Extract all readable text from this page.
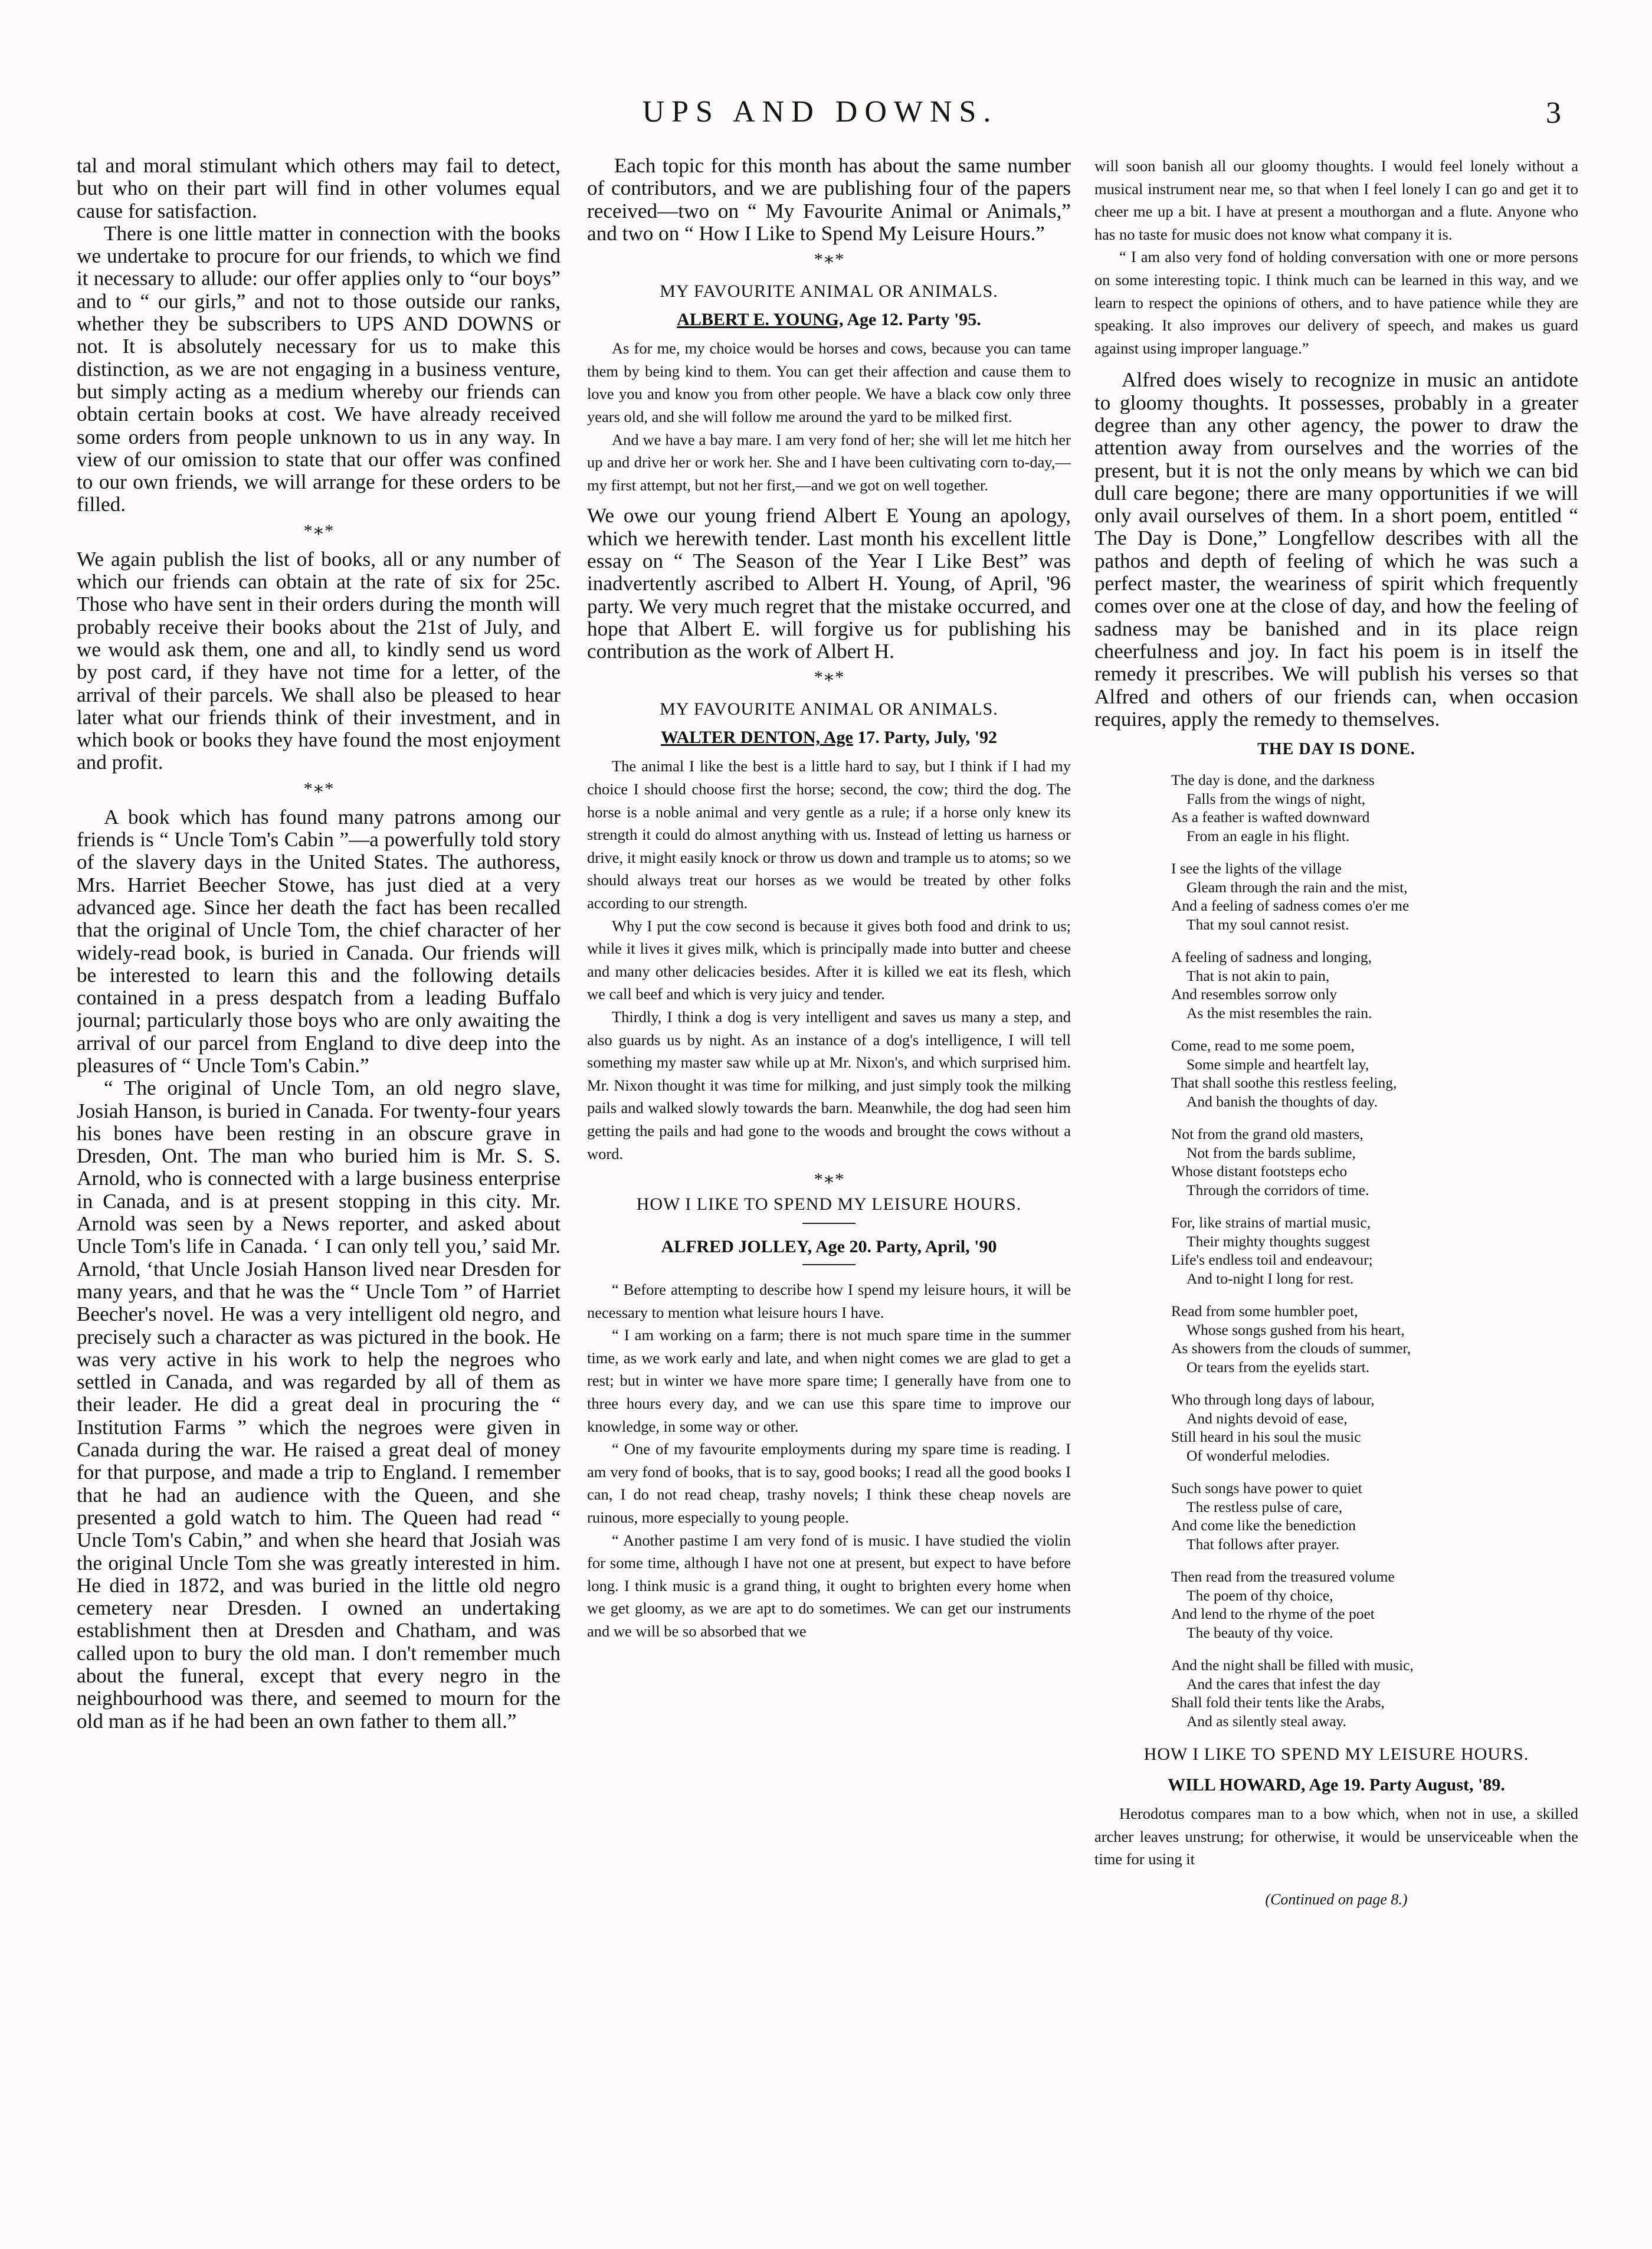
UPS AND DOWNS.	3

tal and moral stimulant which others may fail to detect, but who on their part will find in other volumes equal cause for satisfaction.

There is one little matter in connection with the books we undertake to procure for our friends, to which we find it necessary to allude: our offer applies only to “our boys” and to “ our girls,” and not to those outside our ranks, whether they be subscribers to UPS AND DOWNS or not. It is absolutely necessary for us to make this distinction, as we are not engaging in a business venture, but simply acting as a medium whereby our friends can obtain certain books at cost. We have already received some orders from people unknown to us in any way. In view of our omission to state that our offer was confined to our own friends, we will arrange for these orders to be filled.

*∗*

We again publish the list of books, all or any number of which our friends can obtain at the rate of six for 25c. Those who have sent in their orders during the month will probably receive their books about the 21st of July, and we would ask them, one and all, to kindly send us word by post card, if they have not time for a letter, of the arrival of their parcels. We shall also be pleased to hear later what our friends think of their investment, and in which book or books they have found the most enjoyment and profit.

*∗*

A book which has found many patrons among our friends is “ Uncle Tom's Cabin ”—a powerfully told story of the slavery days in the United States. The authoress, Mrs. Harriet Beecher Stowe, has just died at a very advanced age. Since her death the fact has been recalled that the original of Uncle Tom, the chief character of her widely-read book, is buried in Canada. Our friends will be interested to learn this and the following details contained in a press despatch from a leading Buffalo journal; particularly those boys who are only awaiting the arrival of our parcel from England to dive deep into the pleasures of “ Uncle Tom's Cabin.”

“ The original of Uncle Tom, an old negro slave, Josiah Hanson, is buried in Canada. For twenty-four years his bones have been resting in an obscure grave in Dresden, Ont. The man who buried him is Mr. S. S. Arnold, who is connected with a large business enterprise in Canada, and is at present stopping in this city. Mr. Arnold was seen by a News reporter, and asked about Uncle Tom's life in Canada. ‘ I can only tell you,’ said Mr. Arnold, ‘that Uncle Josiah Hanson lived near Dresden for many years, and that he was the “ Uncle Tom ” of Harriet Beecher's novel. He was a very intelligent old negro, and precisely such a character as was pictured in the book. He was very active in his work to help the negroes who settled in Canada, and was regarded by all of them as their leader. He did a great deal in procuring the “ Institution Farms ” which the negroes were given in Canada during the war. He raised a great deal of money for that purpose, and made a trip to England. I remember that he had an audience with the Queen, and she presented a gold watch to him. The Queen had read “ Uncle Tom's Cabin,” and when she heard that Josiah was the original Uncle Tom she was greatly interested in him. He died in 1872, and was buried in the little old negro cemetery near Dresden. I owned an undertaking establishment then at Dresden and Chatham, and was called upon to bury the old man. I don't remember much about the funeral, except that every negro in the neighbourhood was there, and seemed to mourn for the old man as if he had been an own father to them all.”

Each topic for this month has about the same number of contributors, and we are publishing four of the papers received—two on “ My Favourite Animal or Animals,” and two on “ How I Like to Spend My Leisure Hours.”

*∗*
MY FAVOURITE ANIMAL OR ANIMALS.
ALBERT E. YOUNG, Age 12. Party '95.

As for me, my choice would be horses and cows, because you can tame them by being kind to them. You can get their affection and cause them to love you and know you from other people. We have a black cow only three years old, and she will follow me around the yard to be milked first.

And we have a bay mare. I am very fond of her; she will let me hitch her up and drive her or work her. She and I have been cultivating corn to-day,—my first attempt, but not her first,—and we got on well together.

We owe our young friend Albert E Young an apology, which we herewith tender. Last month his excellent little essay on “ The Season of the Year I Like Best” was inadvertently ascribed to Albert H. Young, of April, '96 party. We very much regret that the mistake occurred, and hope that Albert E. will forgive us for publishing his contribution as the work of Albert H.

*∗*
MY FAVOURITE ANIMAL OR ANIMALS.
WALTER DENTON, Age 17. Party, July, '92

The animal I like the best is a little hard to say, but I think if I had my choice I should choose first the horse; second, the cow; third the dog. The horse is a noble animal and very gentle as a rule; if a horse only knew its strength it could do almost anything with us. Instead of letting us harness or drive, it might easily knock or throw us down and trample us to atoms; so we should always treat our horses as we would be treated by other folks according to our strength.

Why I put the cow second is because it gives both food and drink to us; while it lives it gives milk, which is principally made into butter and cheese and many other delicacies besides. After it is killed we eat its flesh, which we call beef and which is very juicy and tender.

Thirdly, I think a dog is very intelligent and saves us many a step, and also guards us by night. As an instance of a dog's intelligence, I will tell something my master saw while up at Mr. Nixon's, and which surprised him. Mr. Nixon thought it was time for milking, and just simply took the milking pails and walked slowly towards the barn. Meanwhile, the dog had seen him getting the pails and had gone to the woods and brought the cows without a word.

*∗*
HOW I LIKE TO SPEND MY LEISURE HOURS.
ALFRED JOLLEY, Age 20. Party, April, '90

“ Before attempting to describe how I spend my leisure hours, it will be necessary to mention what leisure hours I have.

“ I am working on a farm; there is not much spare time in the summer time, as we work early and late, and when night comes we are glad to get a rest; but in winter we have more spare time; I generally have from one to three hours every day, and we can use this spare time to improve our knowledge, in some way or other.

“ One of my favourite employments during my spare time is reading. I am very fond of books, that is to say, good books; I read all the good books I can, I do not read cheap, trashy novels; I think these cheap novels are ruinous, more especially to young people.

“ Another pastime I am very fond of is music. I have studied the violin for some time, although I have not one at present, but expect to have before long. I think music is a grand thing, it ought to brighten every home when we get gloomy, as we are apt to do sometimes. We can get our instruments and we will be so absorbed that we

will soon banish all our gloomy thoughts. I would feel lonely without a musical instrument near me, so that when I feel lonely I can go and get it to cheer me up a bit. I have at present a mouthorgan and a flute. Anyone who has no taste for music does not know what company it is.

“ I am also very fond of holding conversation with one or more persons on some interesting topic. I think much can be learned in this way, and we learn to respect the opinions of others, and to have patience while they are speaking. It also improves our delivery of speech, and makes us guard against using improper language.”

Alfred does wisely to recognize in music an antidote to gloomy thoughts. It possesses, probably in a greater degree than any other agency, the power to draw the attention away from ourselves and the worries of the present, but it is not the only means by which we can bid dull care begone; there are many opportunities if we will only avail ourselves of them. In a short poem, entitled “ The Day is Done,” Longfellow describes with all the pathos and depth of feeling of which he was such a perfect master, the weariness of spirit which frequently comes over one at the close of day, and how the feeling of sadness may be banished and in its place reign cheerfulness and joy. In fact his poem is in itself the remedy it prescribes. We will publish his verses so that Alfred and others of our friends can, when occasion requires, apply the remedy to themselves.

THE DAY IS DONE.
The day is done, and the darkness
Falls from the wings of night,
As a feather is wafted downward
From an eagle in his flight.
I see the lights of the village
Gleam through the rain and the mist,
And a feeling of sadness comes o'er me
That my soul cannot resist.
A feeling of sadness and longing,
That is not akin to pain,
And resembles sorrow only
As the mist resembles the rain.
Come, read to me some poem,
Some simple and heartfelt lay,
That shall soothe this restless feeling,
And banish the thoughts of day.
Not from the grand old masters,
Not from the bards sublime,
Whose distant footsteps echo
Through the corridors of time.
For, like strains of martial music,
Their mighty thoughts suggest
Life's endless toil and endeavour;
And to-night I long for rest.
Read from some humbler poet,
Whose songs gushed from his heart,
As showers from the clouds of summer,
Or tears from the eyelids start.
Who through long days of labour,
And nights devoid of ease,
Still heard in his soul the music
Of wonderful melodies.
Such songs have power to quiet
The restless pulse of care,
And come like the benediction
That follows after prayer.
Then read from the treasured volume
The poem of thy choice,
And lend to the rhyme of the poet
The beauty of thy voice.
And the night shall be filled with music,
And the cares that infest the day
Shall fold their tents like the Arabs,
And as silently steal away.
HOW I LIKE TO SPEND MY LEISURE HOURS.
WILL HOWARD, Age 19. Party August, '89.

Herodotus compares man to a bow which, when not in use, a skilled archer leaves unstrung; for otherwise, it would be unserviceable when the time for using it

(Continued on page 8.)
